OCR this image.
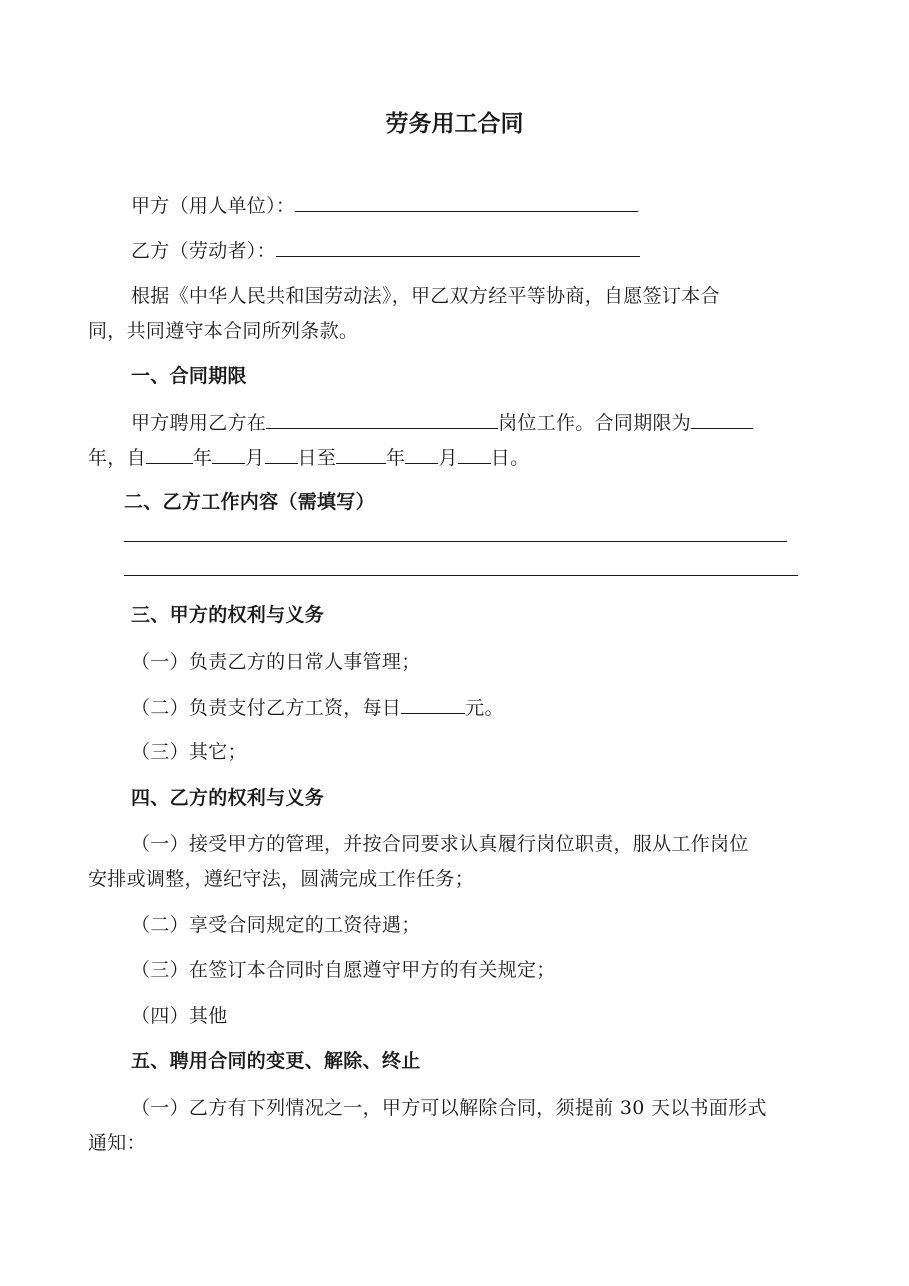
劳务用工合同
甲方（用人单位）：
乙方（劳动者）：
根据《中华人民共和国劳动法》，甲乙双方经平等协商，自愿签订本合
同，共同遵守本合同所列条款。
一、合同期限
甲方聘用乙方在	岗位工作。合同期限为
年，自 年 月 日至	年 月 日。
二、乙方工作内容（需填写）
三、甲方的权利与义务
（一）负责乙方的日常人事管理；
（二）负责支付乙方工资，每日	元。
（三）其它；
四、乙方的权利与义务
（一）接受甲方的管理，并按合同要求认真履行岗位职责，服从工作岗位
安排或调整，遵纪守法，圆满完成工作任务；
（二）享受合同规定的工资待遇；
（三）在签订本合同时自愿遵守甲方的有关规定；
（四）其他
五、聘用合同的变更、解除、终止
（一）乙方有下列情况之一，甲方可以解除合同，须提前 30 天以书面形式
通知：
